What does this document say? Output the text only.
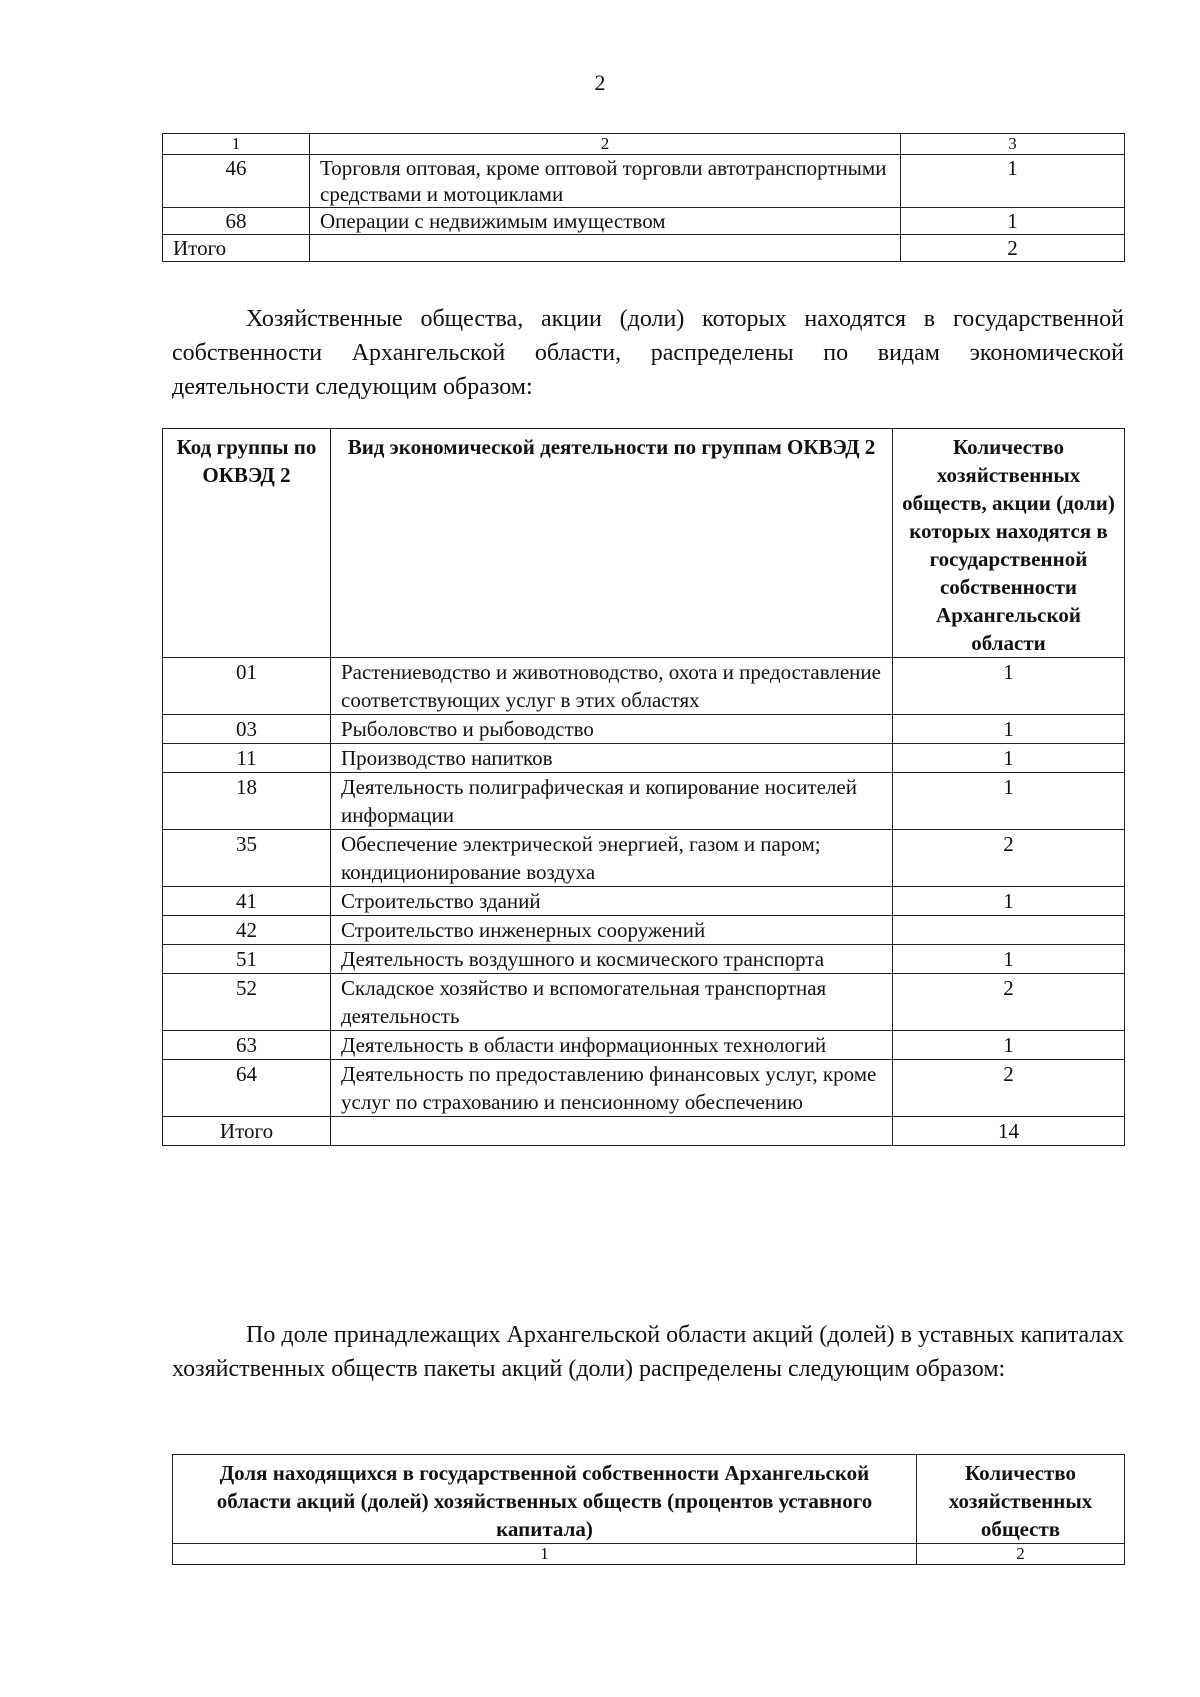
2
1	2	3
46	Торговля оптовая, кроме оптовой торговли автотранспортными средствами и мотоциклами	1
68	Операции с недвижимым имуществом	1
Итого		2

Хозяйственные общества, акции (доли) которых находятся в государственной собственности Архангельской области, распределены по видам экономической деятельности следующим образом:

Код группы по ОКВЭД 2	Вид экономической деятельности по группам ОКВЭД 2	Количество хозяйственных обществ, акции (доли) которых находятся в государственной собственности Архангельской области
01	Растениеводство и животноводство, охота и предоставление соответствующих услуг в этих областях	1
03	Рыболовство и рыбоводство	1
11	Производство напитков	1
18	Деятельность полиграфическая и копирование носителей информации	1
35	Обеспечение электрической энергией, газом и паром; кондиционирование воздуха	2
41	Строительство зданий	1
42	Строительство инженерных сооружений	
51	Деятельность воздушного и космического транспорта	1
52	Складское хозяйство и вспомогательная транспортная деятельность	2
63	Деятельность в области информационных технологий	1
64	Деятельность по предоставлению финансовых услуг, кроме услуг по страхованию и пенсионному обеспечению	2
Итого		14

По доле принадлежащих Архангельской области акций (долей) в уставных капиталах хозяйственных обществ пакеты акций (доли) распределены следующим образом:

Доля находящихся в государственной собственности Архангельской области акций (долей) хозяйственных обществ (процентов уставного капитала)	Количество хозяйственных обществ
1	2
